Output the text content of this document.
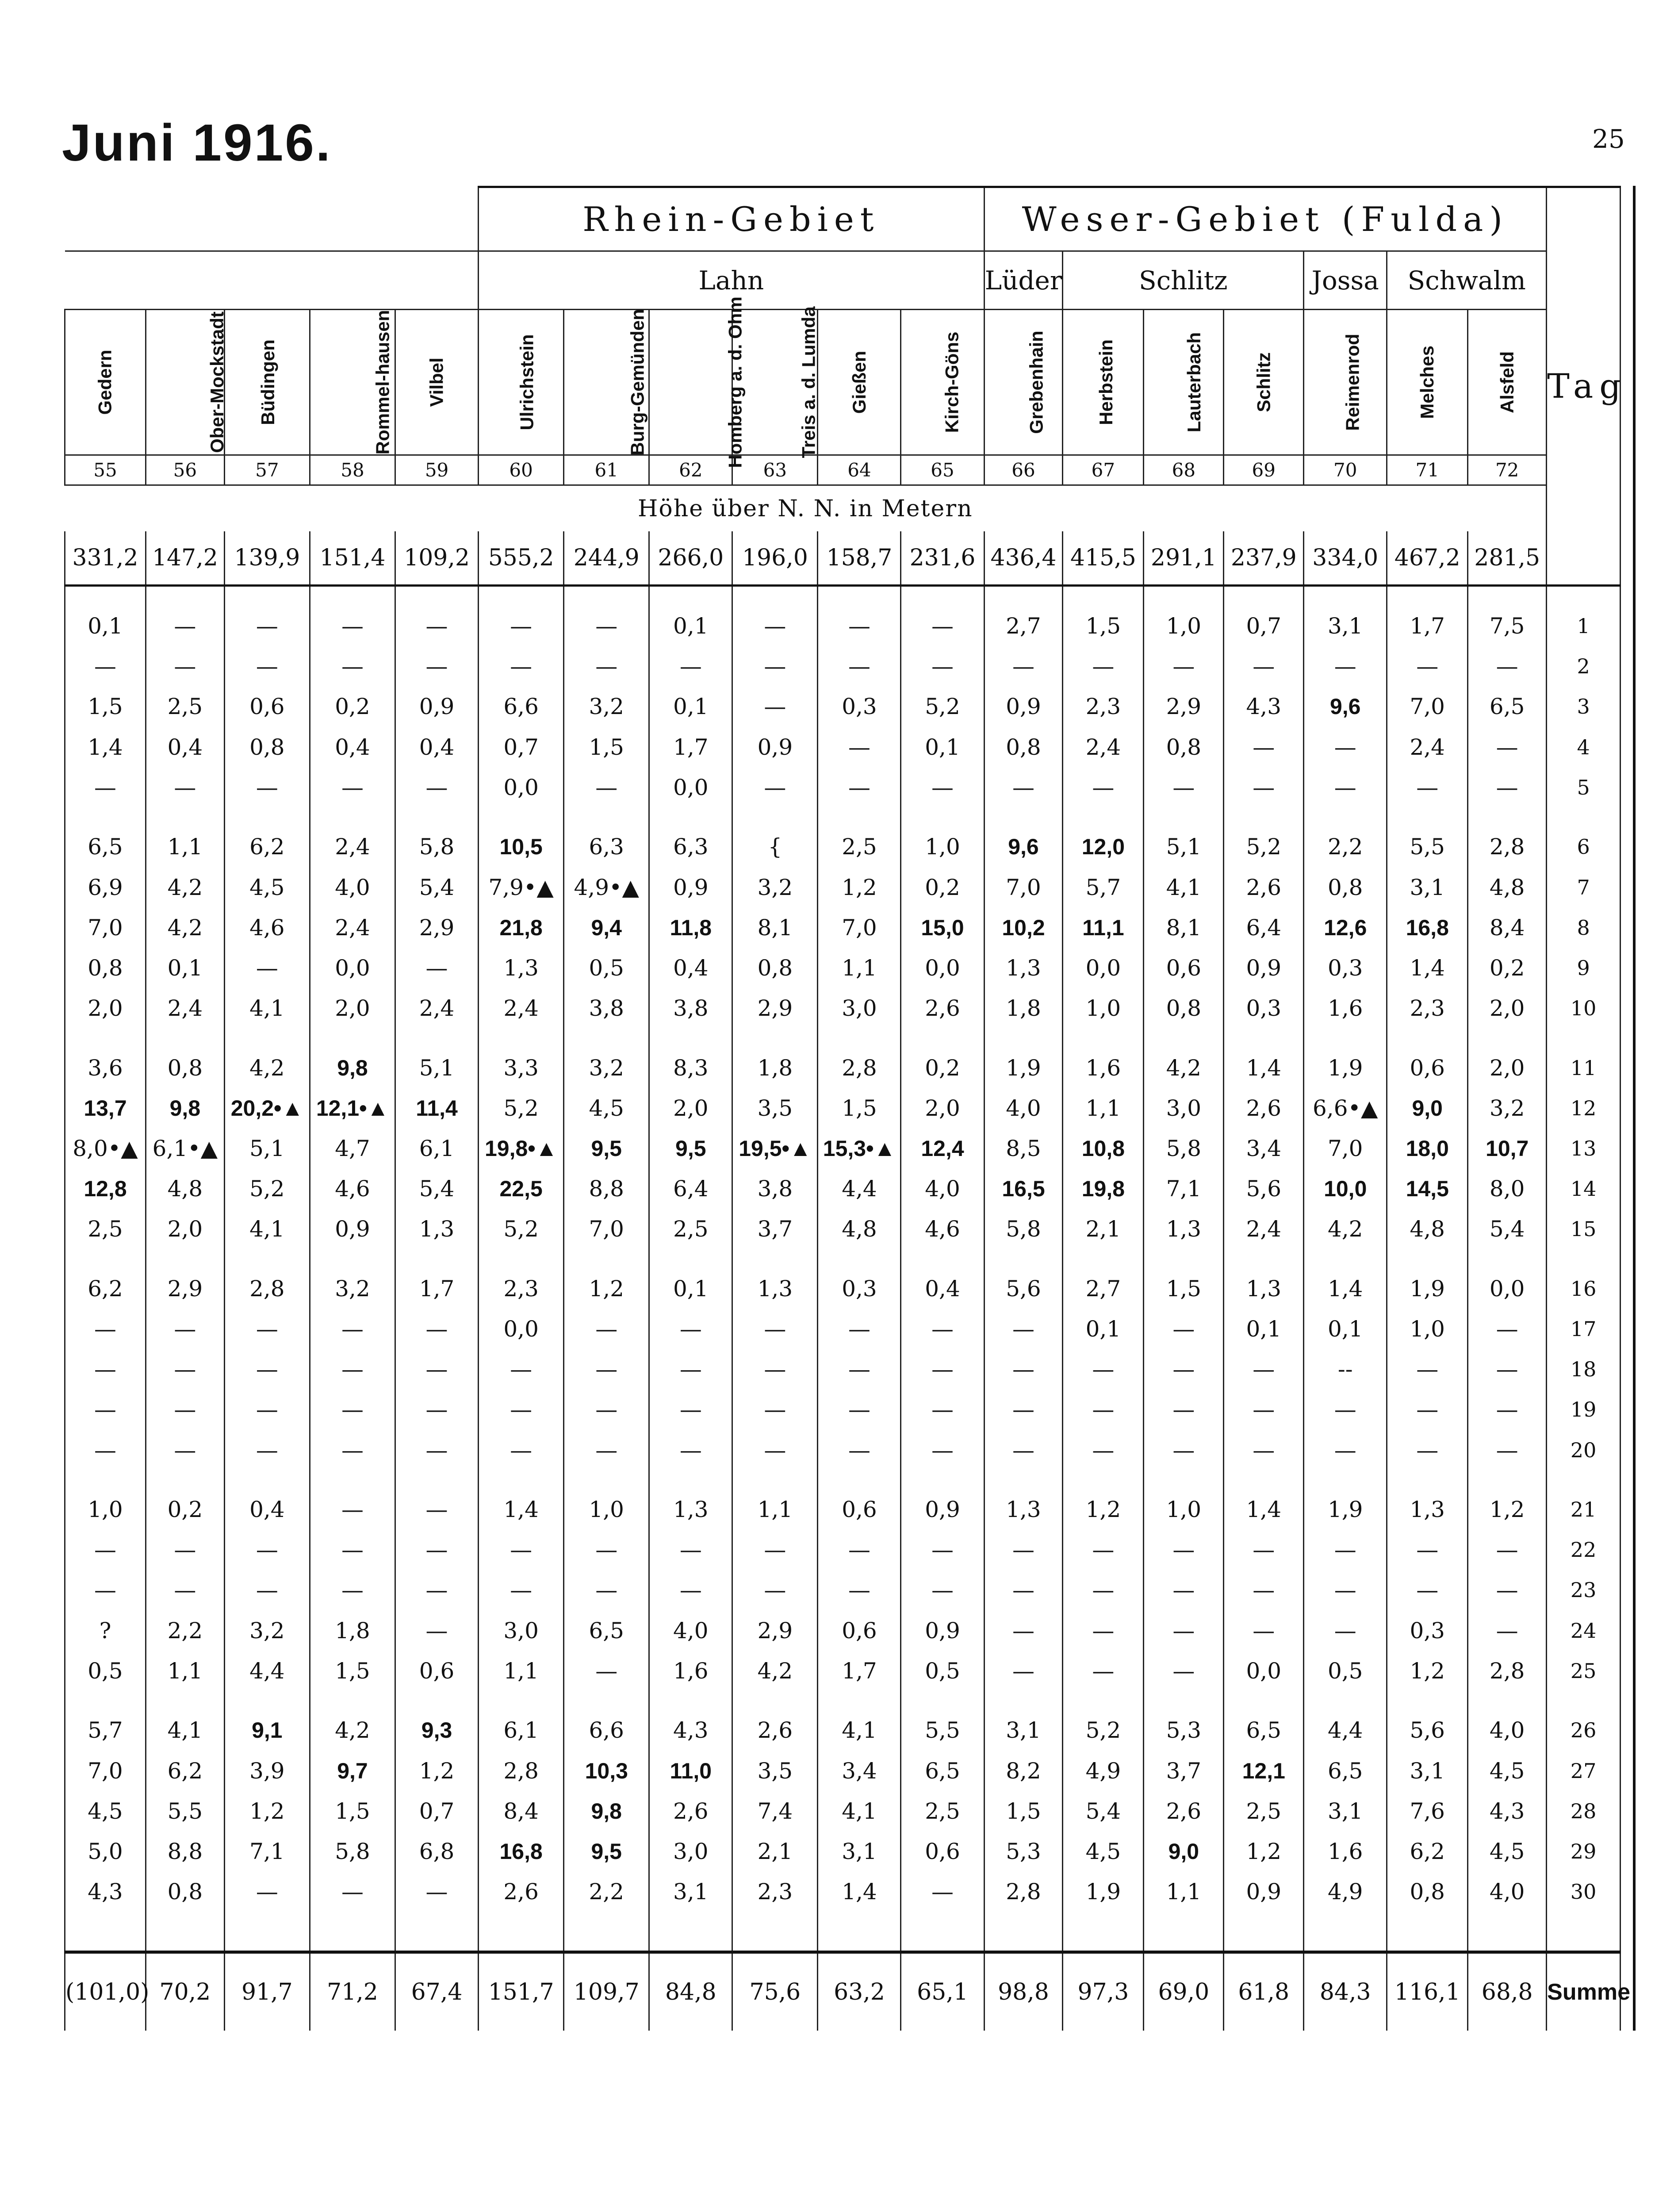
Juni 1916.	25
					Rhein-Gebiet						Weser-Gebiet (Fulda)							Tag
					Lahn						Lüder	Schlitz			Jossa	Schwalm		
Gedern	Ober-Mockstadt	Büdingen	Rommel-hausen	Vilbel	Ulrichstein	Burg-Gemünden	Homberg a. d. Ohm	Treis a. d. Lumda	Gießen	Kirch-Göns	Grebenhain	Herbstein	Lauterbach	Schlitz	Reimenrod	Melches	Alsfeld	
55	56	57	58	59	60	61	62	63	64	65	66	67	68	69	70	71	72	
Höhe über N. N. in Metern																		
331,2	147,2	139,9	151,4	109,2	555,2	244,9	266,0	196,0	158,7	231,6	436,4	415,5	291,1	237,9	334,0	467,2	281,5	

0,1	—	—	—	—	—	—	0,1	—	—	—	2,7	1,5	1,0	0,7	3,1	1,7	7,5	1
—	—	—	—	—	—	—	—	—	—	—	—	—	—	—	—	—	—	2
1,5	2,5	0,6	0,2	0,9	6,6	3,2	0,1	—	0,3	5,2	0,9	2,3	2,9	4,3	9,6	7,0	6,5	3
1,4	0,4	0,8	0,4	0,4	0,7	1,5	1,7	0,9	—	0,1	0,8	2,4	0,8	—	—	2,4	—	4
—	—	—	—	—	0,0	—	0,0	—	—	—	—	—	—	—	—	—	—	5

6,5	1,1	6,2	2,4	5,8	10,5	6,3	6,3	{	2,5	1,0	9,6	12,0	5,1	5,2	2,2	5,5	2,8	6
6,9	4,2	4,5	4,0	5,4	7,9•▲	4,9•▲	0,9	3,2	1,2	0,2	7,0	5,7	4,1	2,6	0,8	3,1	4,8	7
7,0	4,2	4,6	2,4	2,9	21,8	9,4	11,8	8,1	7,0	15,0	10,2	11,1	8,1	6,4	12,6	16,8	8,4	8
0,8	0,1	—	0,0	—	1,3	0,5	0,4	0,8	1,1	0,0	1,3	0,0	0,6	0,9	0,3	1,4	0,2	9
2,0	2,4	4,1	2,0	2,4	2,4	3,8	3,8	2,9	3,0	2,6	1,8	1,0	0,8	0,3	1,6	2,3	2,0	10

3,6	0,8	4,2	9,8	5,1	3,3	3,2	8,3	1,8	2,8	0,2	1,9	1,6	4,2	1,4	1,9	0,6	2,0	11
13,7	9,8	20,2•▲	12,1•▲	11,4	5,2	4,5	2,0	3,5	1,5	2,0	4,0	1,1	3,0	2,6	6,6•▲	9,0	3,2	12
8,0•▲	6,1•▲	5,1	4,7	6,1	19,8•▲	9,5	9,5	19,5•▲	15,3•▲	12,4	8,5	10,8	5,8	3,4	7,0	18,0	10,7	13
12,8	4,8	5,2	4,6	5,4	22,5	8,8	6,4	3,8	4,4	4,0	16,5	19,8	7,1	5,6	10,0	14,5	8,0	14
2,5	2,0	4,1	0,9	1,3	5,2	7,0	2,5	3,7	4,8	4,6	5,8	2,1	1,3	2,4	4,2	4,8	5,4	15

6,2	2,9	2,8	3,2	1,7	2,3	1,2	0,1	1,3	0,3	0,4	5,6	2,7	1,5	1,3	1,4	1,9	0,0	16
—	—	—	—	—	0,0	—	—	—	—	—	—	0,1	—	0,1	0,1	1,0	—	17
—	—	—	—	—	—	—	—	—	—	—	—	—	—	—	--	—	—	18
—	—	—	—	—	—	—	—	—	—	—	—	—	—	—	—	—	—	19
—	—	—	—	—	—	—	—	—	—	—	—	—	—	—	—	—	—	20

1,0	0,2	0,4	—	—	1,4	1,0	1,3	1,1	0,6	0,9	1,3	1,2	1,0	1,4	1,9	1,3	1,2	21
—	—	—	—	—	—	—	—	—	—	—	—	—	—	—	—	—	—	22
—	—	—	—	—	—	—	—	—	—	—	—	—	—	—	—	—	—	23
?	2,2	3,2	1,8	—	3,0	6,5	4,0	2,9	0,6	0,9	—	—	—	—	—	0,3	—	24
0,5	1,1	4,4	1,5	0,6	1,1	—	1,6	4,2	1,7	0,5	—	—	—	0,0	0,5	1,2	2,8	25

5,7	4,1	9,1	4,2	9,3	6,1	6,6	4,3	2,6	4,1	5,5	3,1	5,2	5,3	6,5	4,4	5,6	4,0	26
7,0	6,2	3,9	9,7	1,2	2,8	10,3	11,0	3,5	3,4	6,5	8,2	4,9	3,7	12,1	6,5	3,1	4,5	27
4,5	5,5	1,2	1,5	0,7	8,4	9,8	2,6	7,4	4,1	2,5	1,5	5,4	2,6	2,5	3,1	7,6	4,3	28
5,0	8,8	7,1	5,8	6,8	16,8	9,5	3,0	2,1	3,1	0,6	5,3	4,5	9,0	1,2	1,6	6,2	4,5	29
4,3	0,8	—	—	—	2,6	2,2	3,1	2,3	1,4	—	2,8	1,9	1,1	0,9	4,9	0,8	4,0	30

(101,0)	70,2	91,7	71,2	67,4	151,7	109,7	84,8	75,6	63,2	65,1	98,8	97,3	69,0	61,8	84,3	116,1	68,8	Summe
